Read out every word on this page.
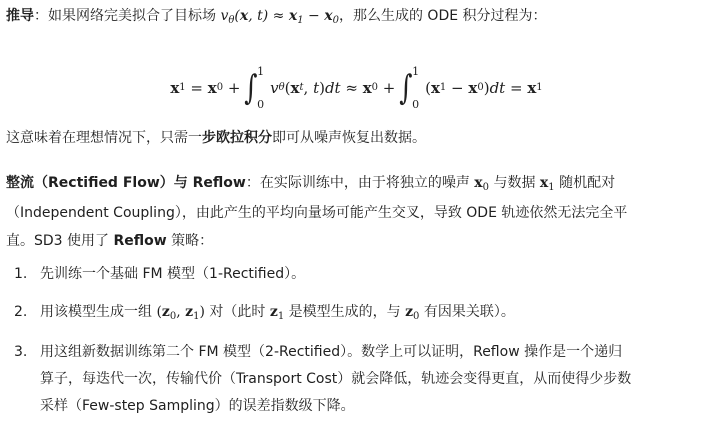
推导：如果网络完美拟合了目标场 $v_\theta(x$, $t) \approx x_1 - x_0$，那么生成的 ODE 积分过程为：
x 1 = x 0 + ∫ 1
0
v θ ( x t , t ) dt ≈ x 0 + ∫ 1
0
( x 1 − x 0 ) dt = x 1
这意味着在理想情况下，只需一步欧拉积分即可从噪声恢复出数据。
整流（Rectified Flow）与 Reflow：在实际训练中，由于将独立的噪声 $x_0$ 与数据 $x_1$ 随机配对
（Independent Coupling），由此产生的平均向量场可能产生交叉，导致 ODE 轨迹依然无法完全平
直。SD3 使用了 Reflow 策略：
1. 先训练一个基础 FM 模型（1-Rectified）。
2. 用该模型生成一组 ($z_0$, $z_1$) 对（此时 $z_1$ 是模型生成的，与 $z_0$ 有因果关联）。
3. 用这组新数据训练第二个 FM 模型（2-Rectified）。数学上可以证明，Reflow 操作是一个递归
算子，每迭代一次，传输代价（Transport Cost）就会降低，轨迹会变得更直，从而使得少步数
采样（Few-step Sampling）的误差指数级下降。
